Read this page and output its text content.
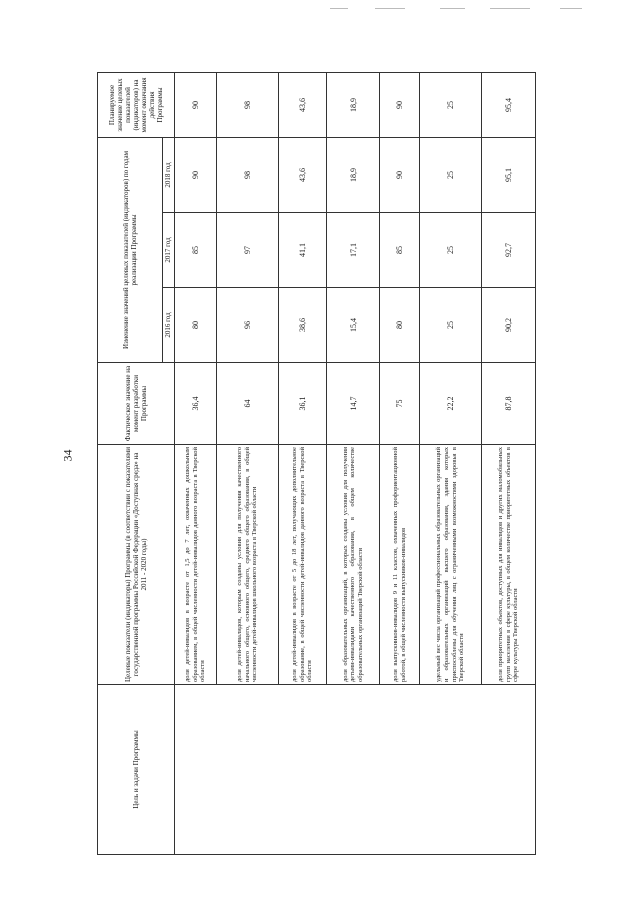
34
Цель и задачи Программы	Целевые показатели (индикаторы) Программы (в соответствии с показателями государственной программы Российской Федерации «Доступная среда» на 2011 - 2020 годы)	Фактическое значение на момент разработки Программы	Изменение значений целевых показателей (индикаторов) по годам реализации Программы			Планируемое значение целевых показателей (индикаторов) на момент окончания действия Программы
			2016 год	2017 год	2018 год	
	доля детей-инвалидов в возрасте от 1,5 до 7 лет, охваченных дошкольным образованием, в общей численности детей-инвалидов данного возраста в Тверской области	36,4	80	85	90	90
	доля детей-инвалидов, которым созданы условия для получения качественного начального общего, основного общего, среднего общего образования, в общей численности детей-инвалидов школьного возраста в Тверской области	64	96	97	98	98
	доля детей-инвалидов в возрасте от 5 до 18 лет, получающих дополнительное образование, в общей численности детей-инвалидов данного возраста в Тверской области	36,1	38,6	41,1	43,6	43,6
	доля образовательных организаций, в которых созданы условия для получения детьми-инвалидами качественного образования, в общем количестве образовательных организаций Тверской области	14,7	15,4	17,1	18,9	18,9
	доля выпускников-инвалидов 9 и 11 классов, охваченных профориентационной работой, в общей численности выпускников-инвалидов	75	80	85	90	90
	удельный вес числа организаций профессиональных образовательных организаций и образовательных организаций высшего образования, здания которых приспособлены для обучения лиц с ограниченными возможностями здоровья в Тверской области	22,2	25	25	25	25
	доля приоритетных объектов, доступных для инвалидов и других маломобильных групп населения в сфере культуры, в общем количестве приоритетных объектов в сфере культуры Тверской области	87,8	90,2	92,7	95,1	95,4
